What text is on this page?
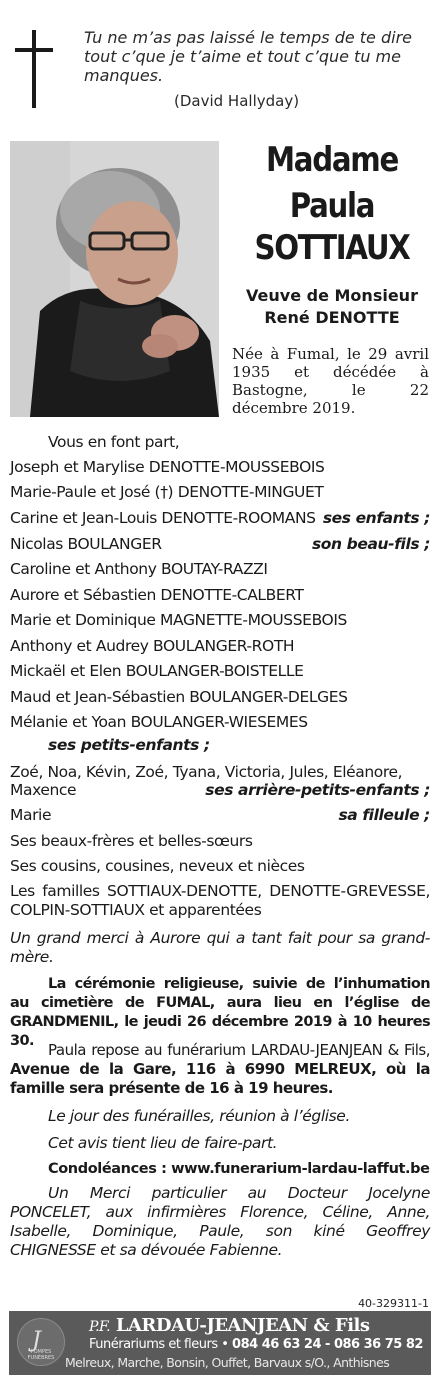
Tu ne m’as pas laissé le temps de te dire tout c’que je t’aime et tout c’que tu me manques.
(David Hallyday)
Madame
Paula
SOTTIAUX
Veuve de Monsieur
René DENOTTE
Née à Fumal, le 29 avril 1935 et décédée à Bastogne, le 22 décembre 2019.
Vous en font part,
Joseph et Marylise DENOTTE-MOUSSEBOIS
Marie-Paule et José (†) DENOTTE-MINGUET
Carine et Jean-Louis DENOTTE-ROOMANS ses enfants ;
Nicolas BOULANGER	son beau-fils ;
Caroline et Anthony BOUTAY-RAZZI
Aurore et Sébastien DENOTTE-CALBERT
Marie et Dominique MAGNETTE-MOUSSEBOIS
Anthony et Audrey BOULANGER-ROTH
Mickaël et Elen BOULANGER-BOISTELLE
Maud et Jean-Sébastien BOULANGER-DELGES
Mélanie et Yoan BOULANGER-WIESEMES
ses petits-enfants ;
Zoé, Noa, Kévin, Zoé, Tyana, Victoria, Jules, Eléanore,
Maxence	ses arrière-petits-enfants ;
Marie	sa filleule ;
Ses beaux-frères et belles-sœurs
Ses cousins, cousines, neveux et nièces
Les familles SOTTIAUX-DENOTTE, DENOTTE-GREVESSE, COLPIN-SOTTIAUX et apparentées
Un grand merci à Aurore qui a tant fait pour sa grand-mère.
La cérémonie religieuse, suivie de l’inhumation au cimetière de FUMAL, aura lieu en l’église de GRANDMENIL, le jeudi 26 décembre 2019 à 10 heures 30. Paula repose au funérarium LARDAU-JEANJEAN & Fils, Avenue de la Gare, 116 à 6990 MELREUX, où la famille sera présente de 16 à 19 heures.
Le jour des funérailles, réunion à l’église.
Cet avis tient lieu de faire-part.
Condoléances : www.funerarium-lardau-laffut.be
Un Merci particulier au Docteur Jocelyne PONCELET, aux infirmières Florence, Céline, Anne, Isabelle, Dominique, Paule, son kiné Geoffrey CHIGNESSE et sa dévouée Fabienne.
40-329311-1
J
POMPES FUNÈBRES
P.F. LARDAU-JEANJEAN & Fils
Funérariums et fleurs • 084 46 63 24 - 086 36 75 82
Melreux, Marche, Bonsin, Ouffet, Barvaux s/O., Anthisnes
